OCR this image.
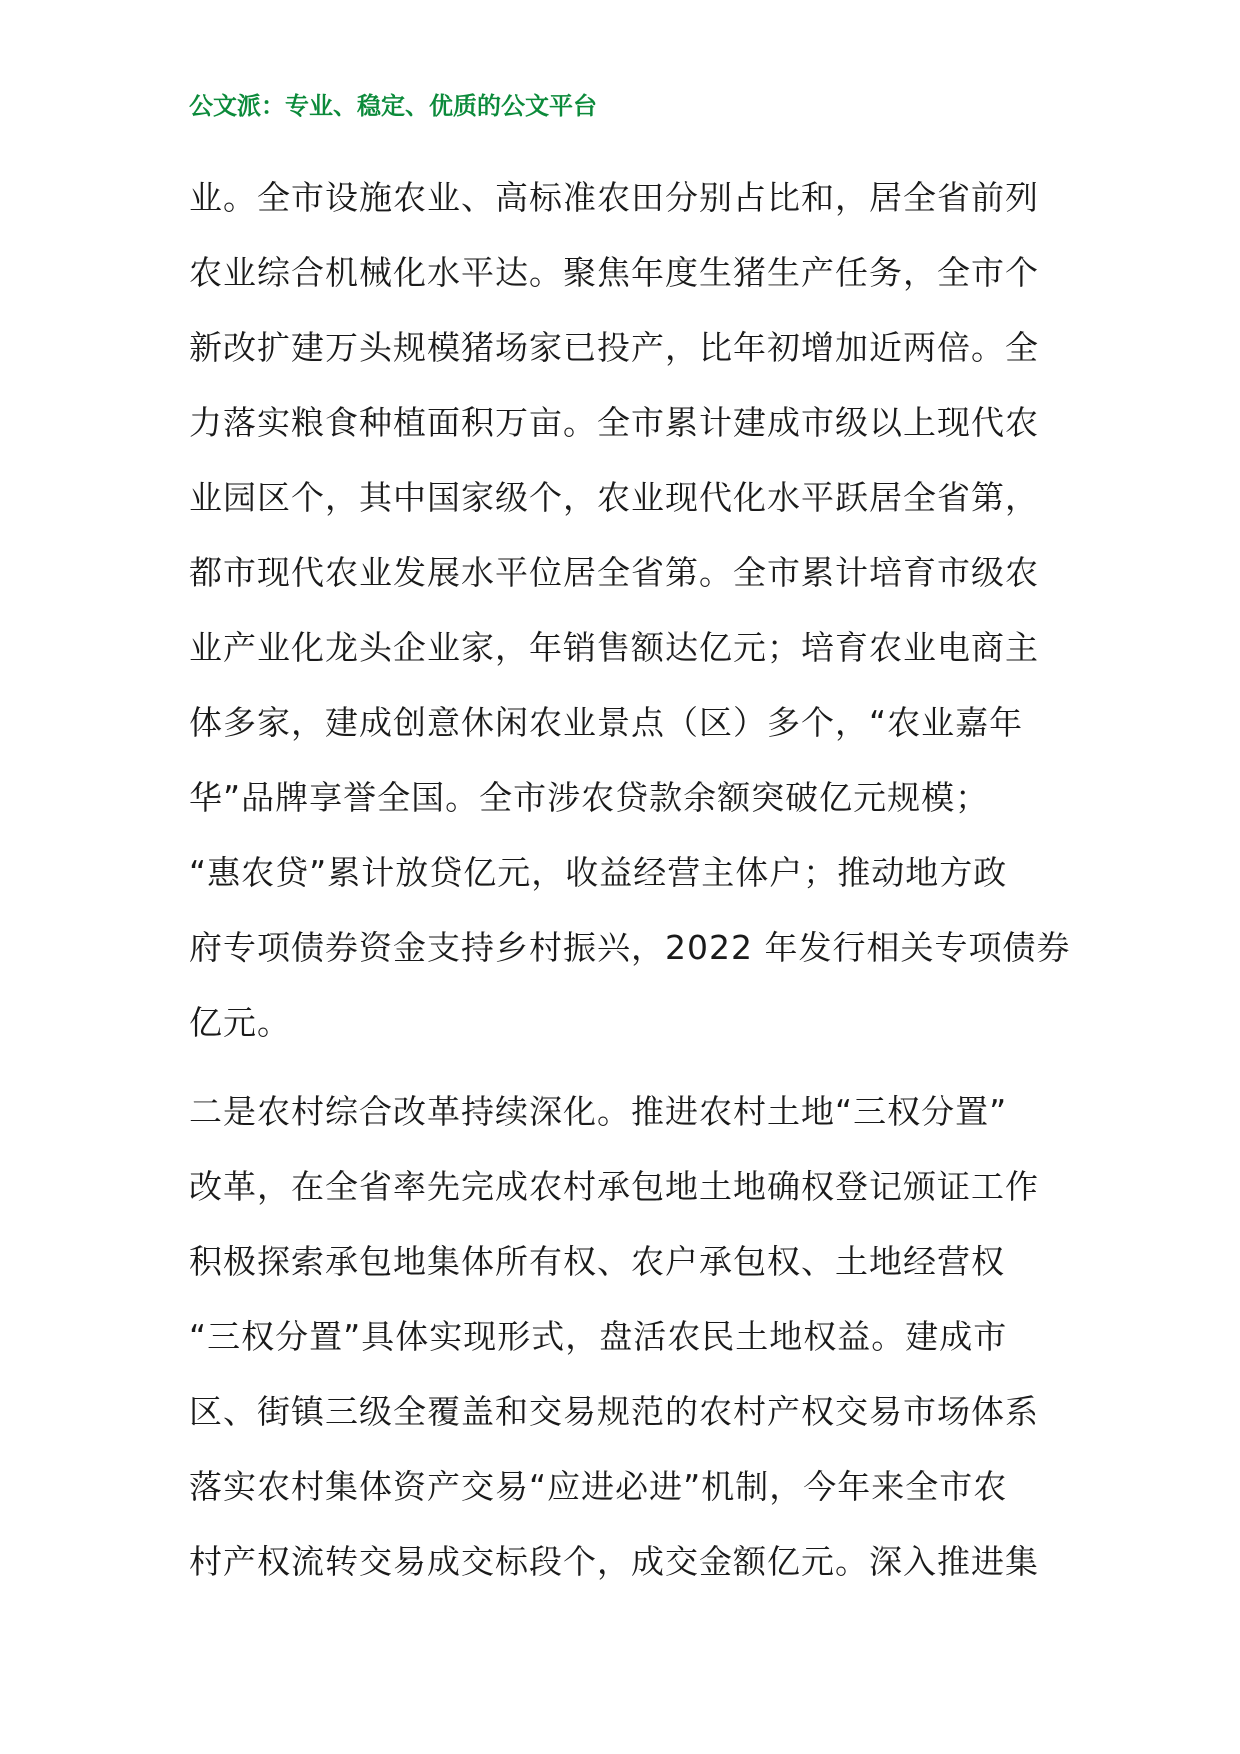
公文派：专业、稳定、优质的公文平台
业。全市设施农业、高标准农田分别占比和，居全省前列
农业综合机械化水平达。聚焦年度生猪生产任务，全市个
新改扩建万头规模猪场家已投产，比年初增加近两倍。全
力落实粮食种植面积万亩。全市累计建成市级以上现代农
业园区个，其中国家级个，农业现代化水平跃居全省第，
都市现代农业发展水平位居全省第。全市累计培育市级农
业产业化龙头企业家，年销售额达亿元；培育农业电商主
体多家，建成创意休闲农业景点（区）多个，“农业嘉年
华”品牌享誉全国。全市涉农贷款余额突破亿元规模；
“惠农贷”累计放贷亿元，收益经营主体户；推动地方政
府专项债券资金支持乡村振兴，2022 年发行相关专项债券
亿元。
二是农村综合改革持续深化。推进农村土地“三权分置”
改革，在全省率先完成农村承包地土地确权登记颁证工作
积极探索承包地集体所有权、农户承包权、土地经营权
“三权分置”具体实现形式，盘活农民土地权益。建成市
区、街镇三级全覆盖和交易规范的农村产权交易市场体系
落实农村集体资产交易“应进必进”机制，今年来全市农
村产权流转交易成交标段个，成交金额亿元。深入推进集
